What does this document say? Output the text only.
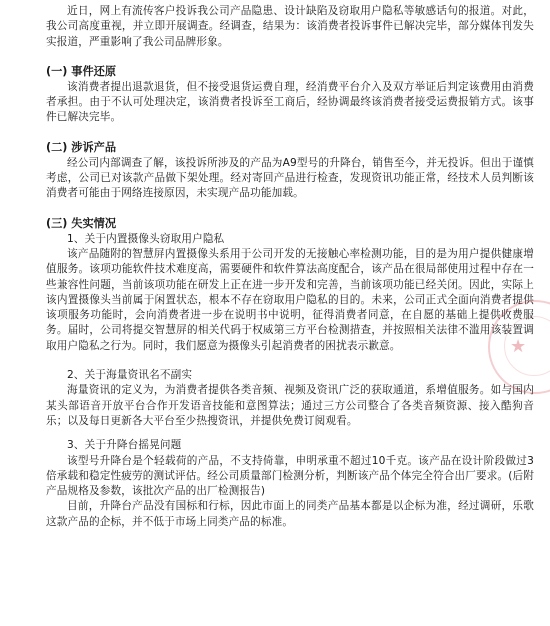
近日，网上有流传客户投诉我公司产品隐患、设计缺陷及窃取用户隐私等敏感话句的报道。对此，我公司高度重视，并立即开展调查。经调查，结果为：该消费者投诉事件已解决完毕，部分媒体刊发失实报道，严重影响了我公司品牌形象。

(一) 事件还原

该消费者提出退款退货，但不接受退货运费自理，经消费平台介入及双方举证后判定该费用由消费者承担。由于不认可处理决定，该消费者投诉至工商后，经协调最终该消费者接受运费报销方式。该事件已解决完毕。

(二) 涉诉产品

经公司内部调查了解，该投诉所涉及的产品为A9型号的升降台，销售至今，并无投诉。但出于谨慎考虑，公司已对该款产品做下架处理。经对寄回产品进行检查，发现资讯功能正常，经技术人员判断该消费者可能由于网络连接原因，未实现产品功能加载。

(三) 失实情况

1、关于内置摄像头窃取用户隐私

该产品随附的智慧屏内置摄像头系用于公司开发的无接触心率检测功能，目的是为用户提供健康增值服务。该项功能软件技术难度高，需要硬件和软件算法高度配合，该产品在很局部使用过程中存在一些兼容性问题，当前该项功能在研发上正在进一步开发和完善，当前该项功能已经关闭。因此，实际上该内置摄像头当前属于闲置状态，根本不存在窃取用户隐私的目的。未来，公司正式全面向消费者提供该项服务功能时，会向消费者进一步在说明书中说明，征得消费者同意，在自愿的基础上提供收费服务。届时，公司将提交智慧屏的相关代码于权威第三方平台检测措查，并按照相关法律不滥用该装置调取用户隐私之行为。同时，我们愿意为摄像头引起消费者的困扰表示歉意。

2、关于海量资讯名不副实

海量资讯的定义为，为消费者提供各类音频、视频及资讯广泛的获取通道，系增值服务。如与国内某头部语音开放平台合作开发语音技能和意图算法；通过三方公司整合了各类音频资源、接入酷狗音乐；以及每日更新各大平台至少热搜资讯，并提供免费订阅观看。

3、关于升降台摇晃问题

该型号升降台是个轻载荷的产品，不支持倚靠，申明承重不超过10千克。该产品在设计阶段做过3倍承载和稳定性疲劳的测试评估。经公司质量部门检测分析，判断该产品个体完全符合出厂要求。(后附产品规格及参数，该批次产品的出厂检测报告)

目前，升降台产品没有国标和行标，因此市面上的同类产品基本都是以企标为准，经过调研，乐歌这款产品的企标，并不低于市场上同类产品的标准。

★
